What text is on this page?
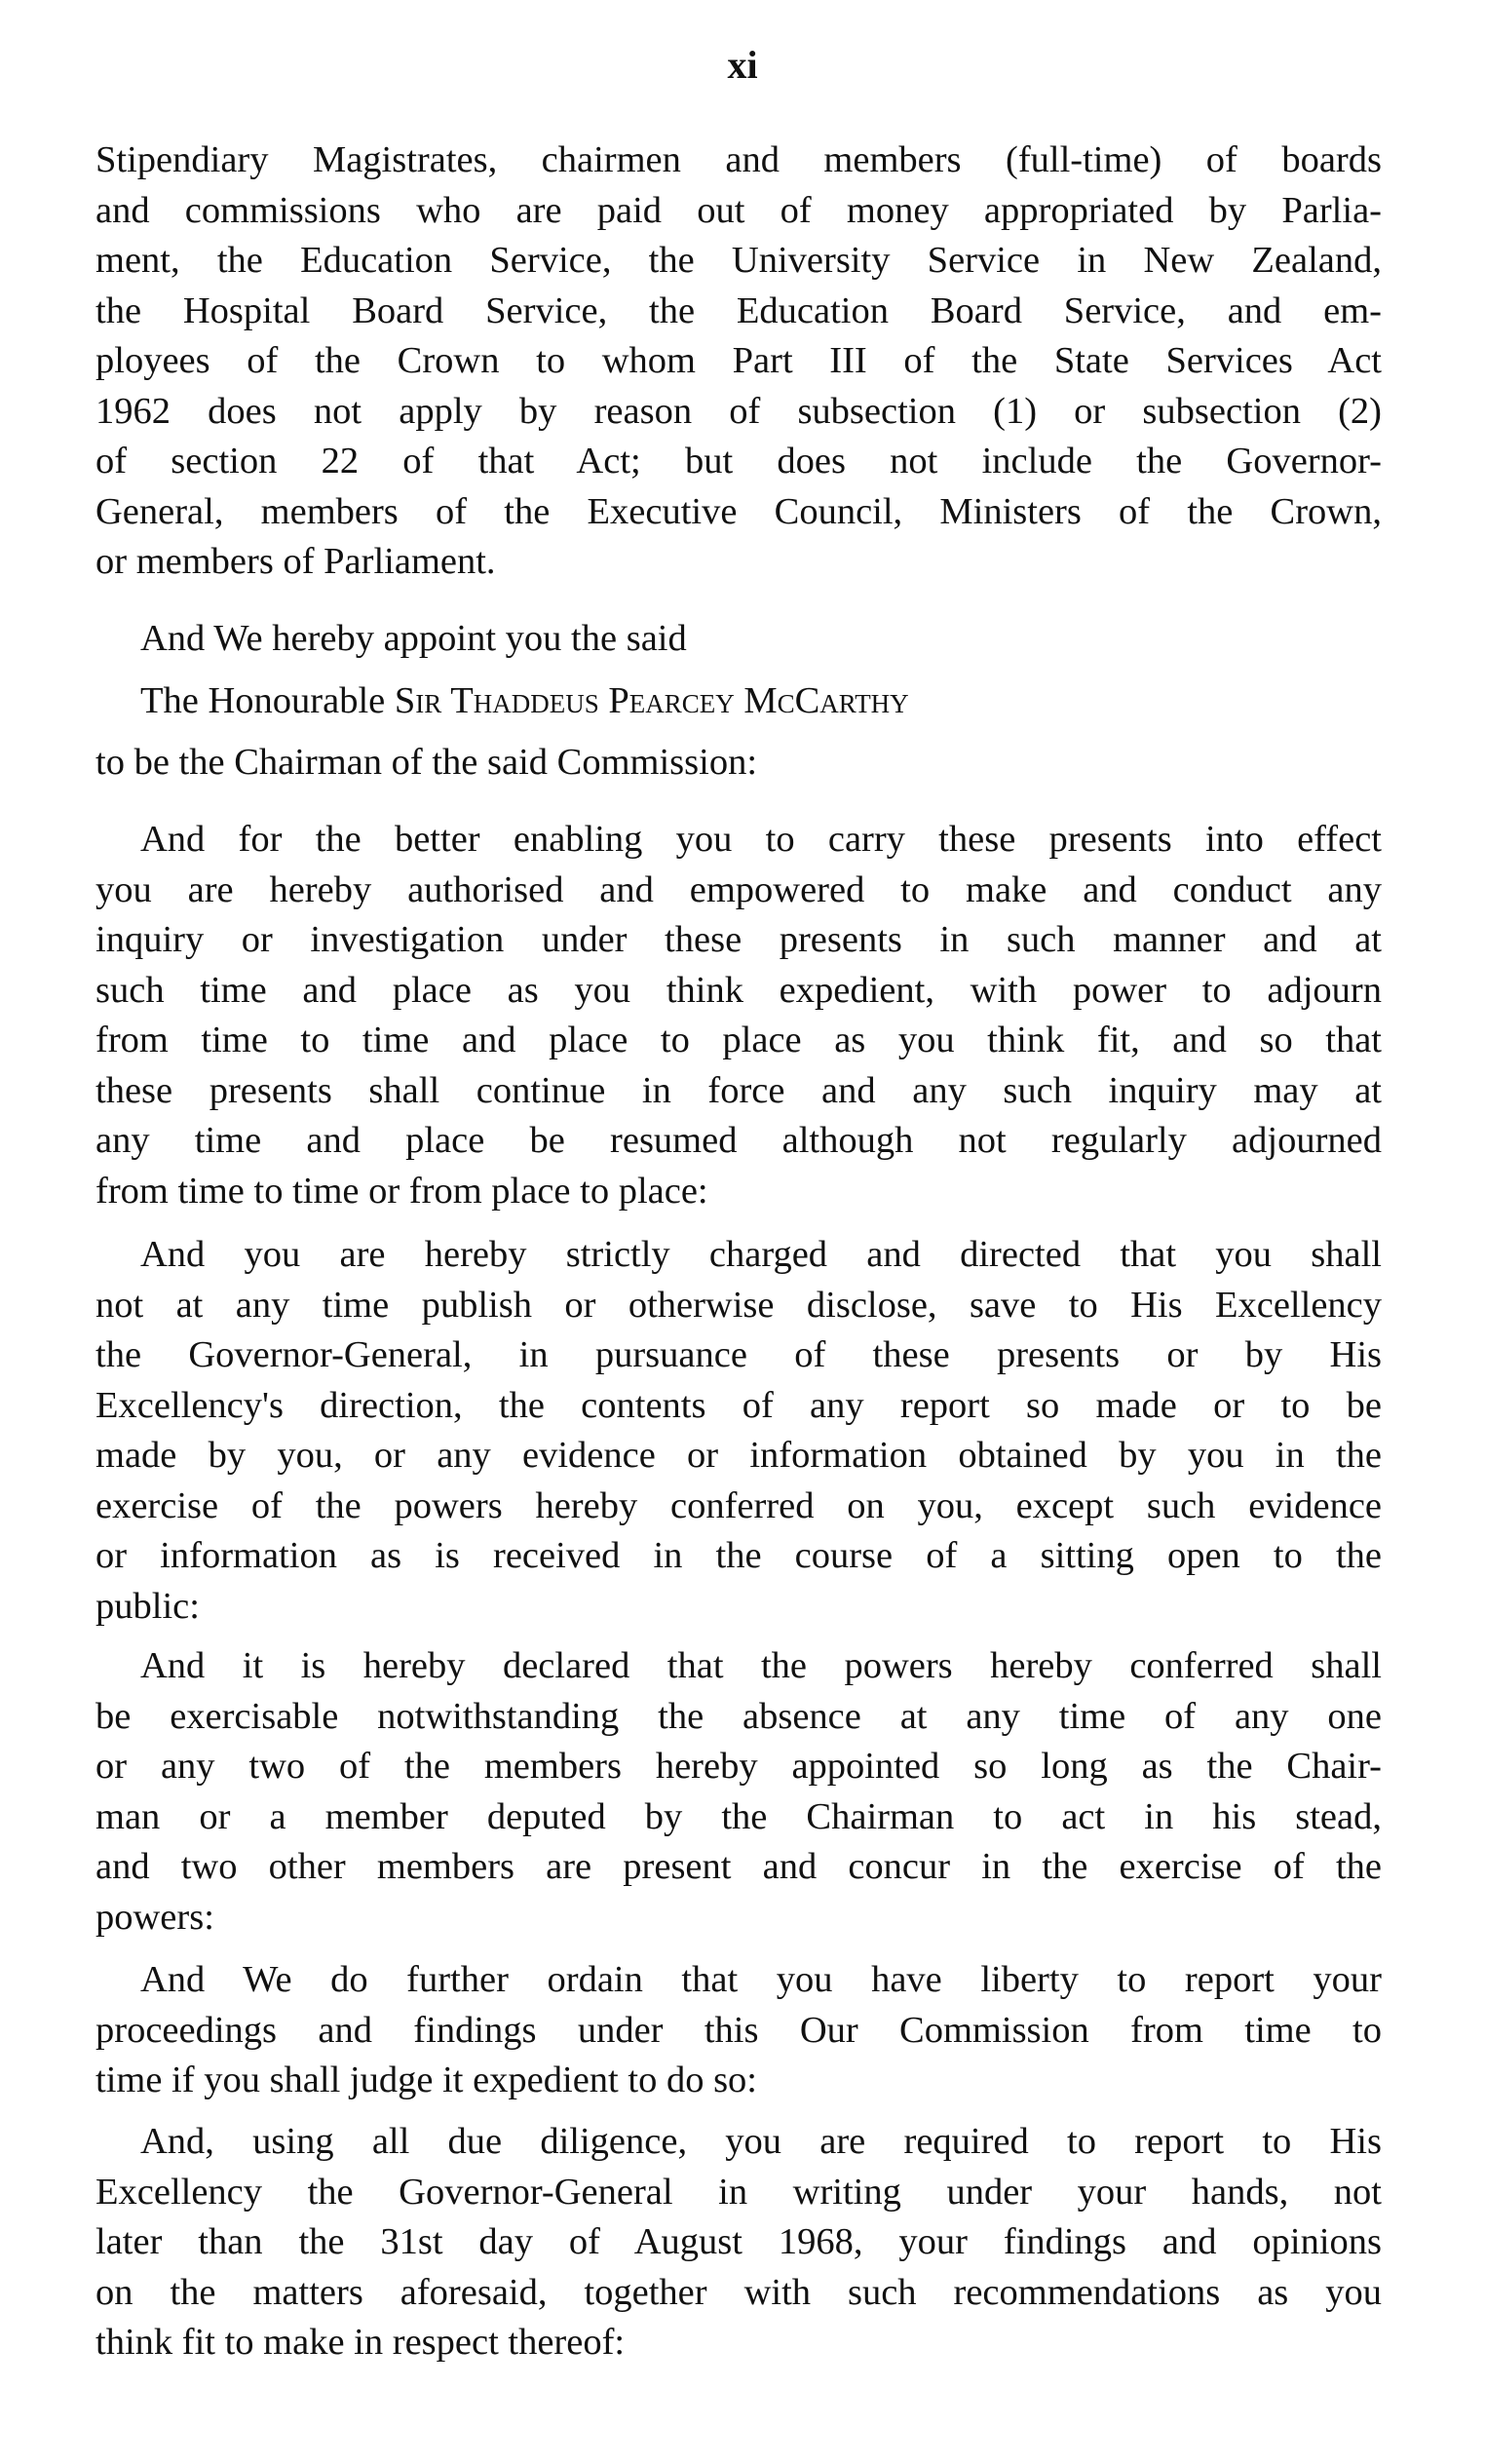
xi
Stipendiary Magistrates, chairmen and members (full-time) of boards
and commissions who are paid out of money appropriated by Parlia-
ment, the Education Service, the University Service in New Zealand,
the Hospital Board Service, the Education Board Service, and em-
ployees of the Crown to whom Part III of the State Services Act
1962 does not apply by reason of subsection (1) or subsection (2)
of section 22 of that Act; but does not include the Governor-
General, members of the Executive Council, Ministers of the Crown,
or members of Parliament.
And We hereby appoint you the said
The Honourable Sir Thaddeus Pearcey McCarthy
to be the Chairman of the said Commission:
And for the better enabling you to carry these presents into effect
you are hereby authorised and empowered to make and conduct any
inquiry or investigation under these presents in such manner and at
such time and place as you think expedient, with power to adjourn
from time to time and place to place as you think fit, and so that
these presents shall continue in force and any such inquiry may at
any time and place be resumed although not regularly adjourned
from time to time or from place to place:
And you are hereby strictly charged and directed that you shall
not at any time publish or otherwise disclose, save to His Excellency
the Governor-General, in pursuance of these presents or by His
Excellency's direction, the contents of any report so made or to be
made by you, or any evidence or information obtained by you in the
exercise of the powers hereby conferred on you, except such evidence
or information as is received in the course of a sitting open to the
public:
And it is hereby declared that the powers hereby conferred shall
be exercisable notwithstanding the absence at any time of any one
or any two of the members hereby appointed so long as the Chair-
man or a member deputed by the Chairman to act in his stead,
and two other members are present and concur in the exercise of the
powers:
And We do further ordain that you have liberty to report your
proceedings and findings under this Our Commission from time to
time if you shall judge it expedient to do so:
And, using all due diligence, you are required to report to His
Excellency the Governor-General in writing under your hands, not
later than the 31st day of August 1968, your findings and opinions
on the matters aforesaid, together with such recommendations as you
think fit to make in respect thereof:
